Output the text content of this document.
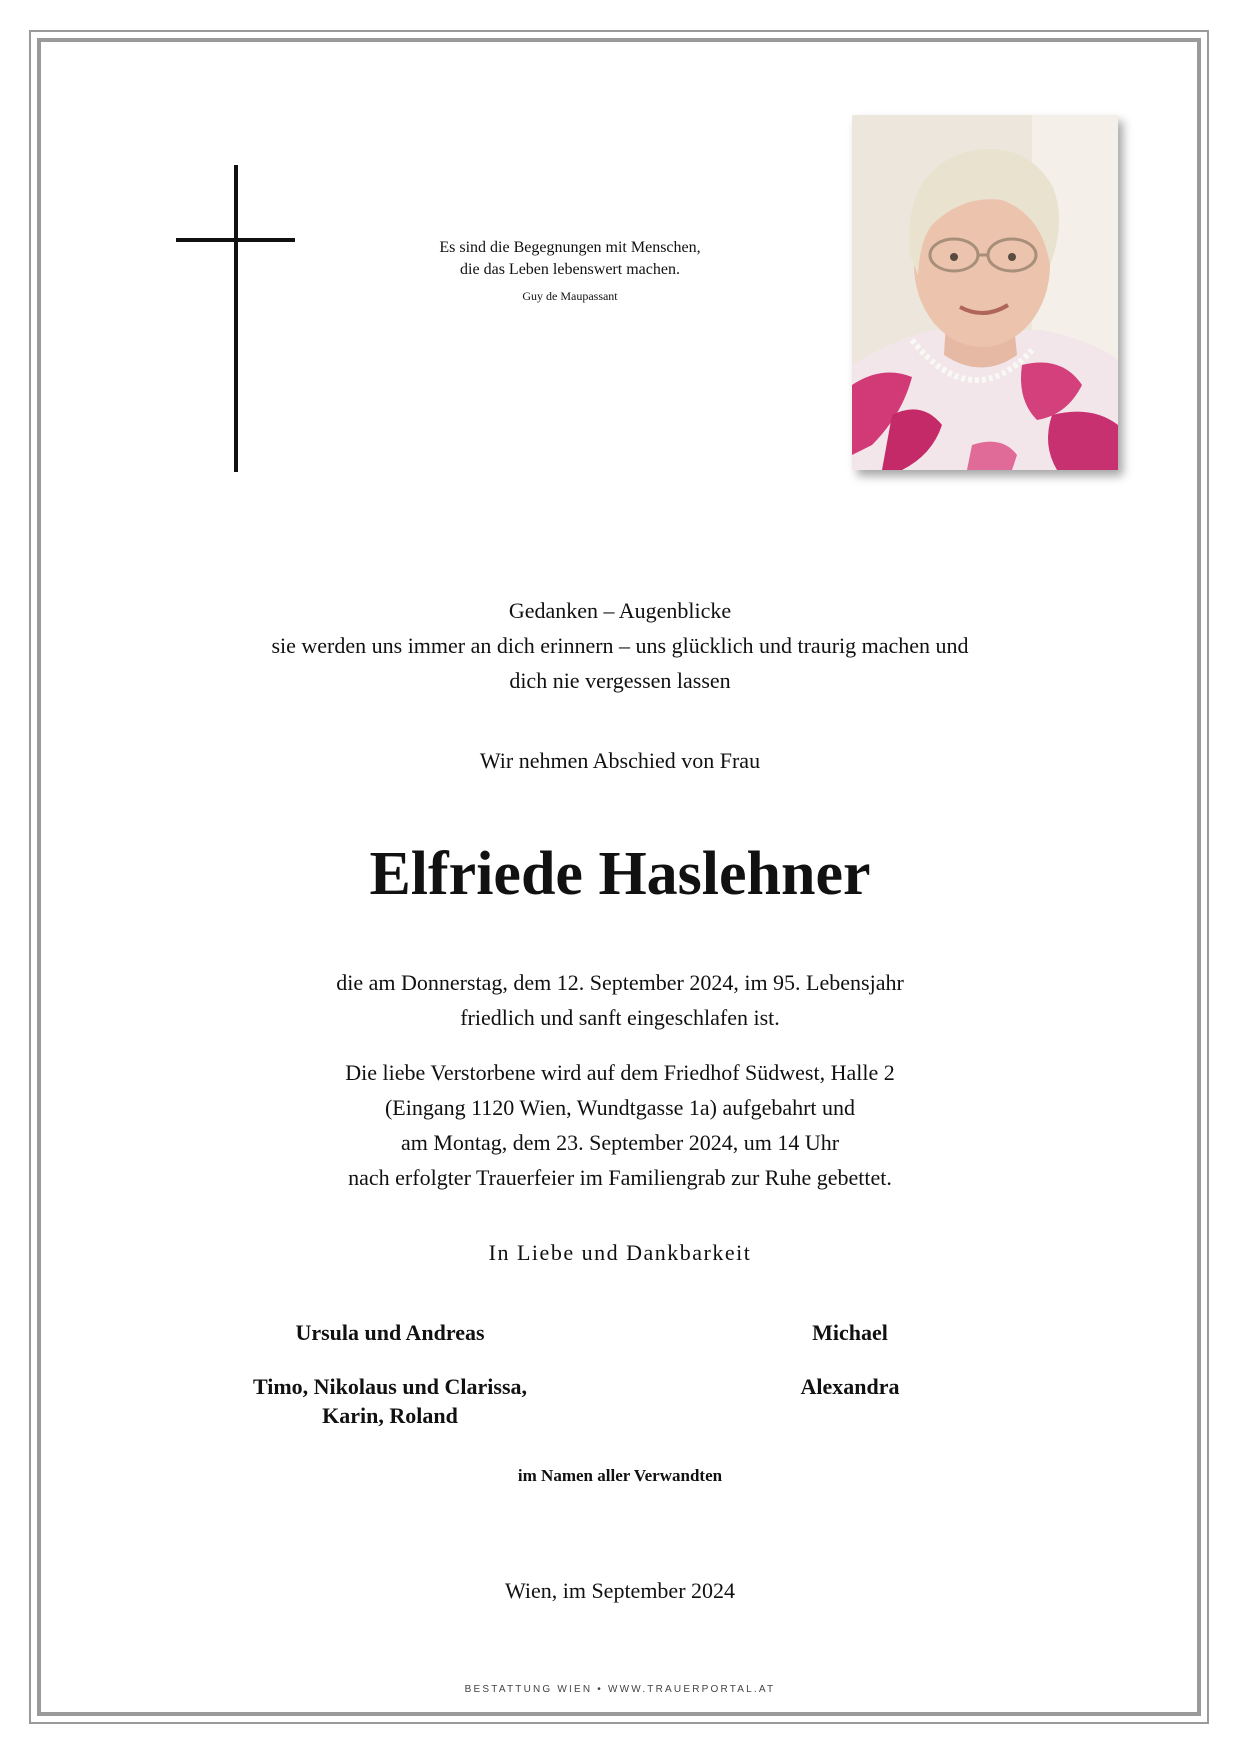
Es sind die Begegnungen mit Menschen,
die das Leben lebenswert machen.
Guy de Maupassant
Gedanken – Augenblicke
sie werden uns immer an dich erinnern – uns glücklich und traurig machen und
dich nie vergessen lassen
Wir nehmen Abschied von Frau
Elfriede Haslehner
die am Donnerstag, dem 12. September 2024, im 95. Lebensjahr
friedlich und sanft eingeschlafen ist.
Die liebe Verstorbene wird auf dem Friedhof Südwest, Halle 2
(Eingang 1120 Wien, Wundtgasse 1a) aufgebahrt und
am Montag, dem 23. September 2024, um 14 Uhr
nach erfolgter Trauerfeier im Familiengrab zur Ruhe gebettet.
In Liebe und Dankbarkeit
Ursula und Andreas	Michael
Timo, Nikolaus und Clarissa,
Karin, Roland
Alexandra
im Namen aller Verwandten
Wien, im September 2024
BESTATTUNG WIEN • WWW.TRAUERPORTAL.AT
